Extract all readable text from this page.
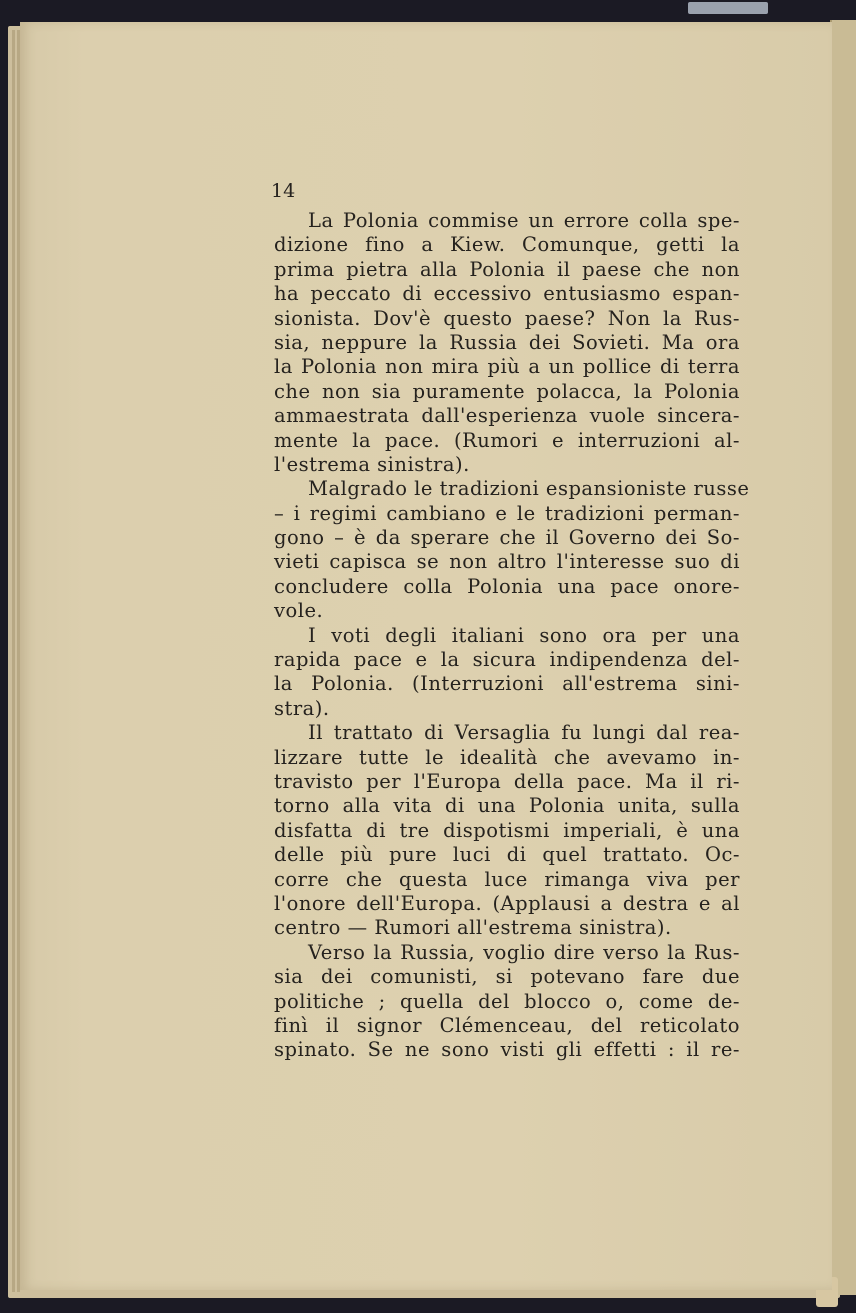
14
La Polonia commise un errore colla spe-
dizione fino a Kiew. Comunque, getti la
prima pietra alla Polonia il paese che non
ha peccato di eccessivo entusiasmo espan-
sionista. Dov'è questo paese? Non la Rus-
sia, neppure la Russia dei Sovieti. Ma ora
la Polonia non mira più a un pollice di terra
che non sia puramente polacca, la Polonia
ammaestrata dall'esperienza vuole sincera-
mente la pace. (Rumori e interruzioni al-
l'estrema sinistra).
Malgrado le tradizioni espansioniste russe
– i regimi cambiano e le tradizioni perman-
gono – è da sperare che il Governo dei So-
vieti capisca se non altro l'interesse suo di
concludere colla Polonia una pace onore-
vole.
I voti degli italiani sono ora per una
rapida pace e la sicura indipendenza del-
la Polonia. (Interruzioni all'estrema sini-
stra).
Il trattato di Versaglia fu lungi dal rea-
lizzare tutte le idealità che avevamo in-
travisto per l'Europa della pace. Ma il ri-
torno alla vita di una Polonia unita, sulla
disfatta di tre dispotismi imperiali, è una
delle più pure luci di quel trattato. Oc-
corre che questa luce rimanga viva per
l'onore dell'Europa. (Applausi a destra e al
centro — Rumori all'estrema sinistra).
Verso la Russia, voglio dire verso la Rus-
sia dei comunisti, si potevano fare due
politiche ; quella del blocco o, come de-
finì il signor Clémenceau, del reticolato
spinato. Se ne sono visti gli effetti : il re-
